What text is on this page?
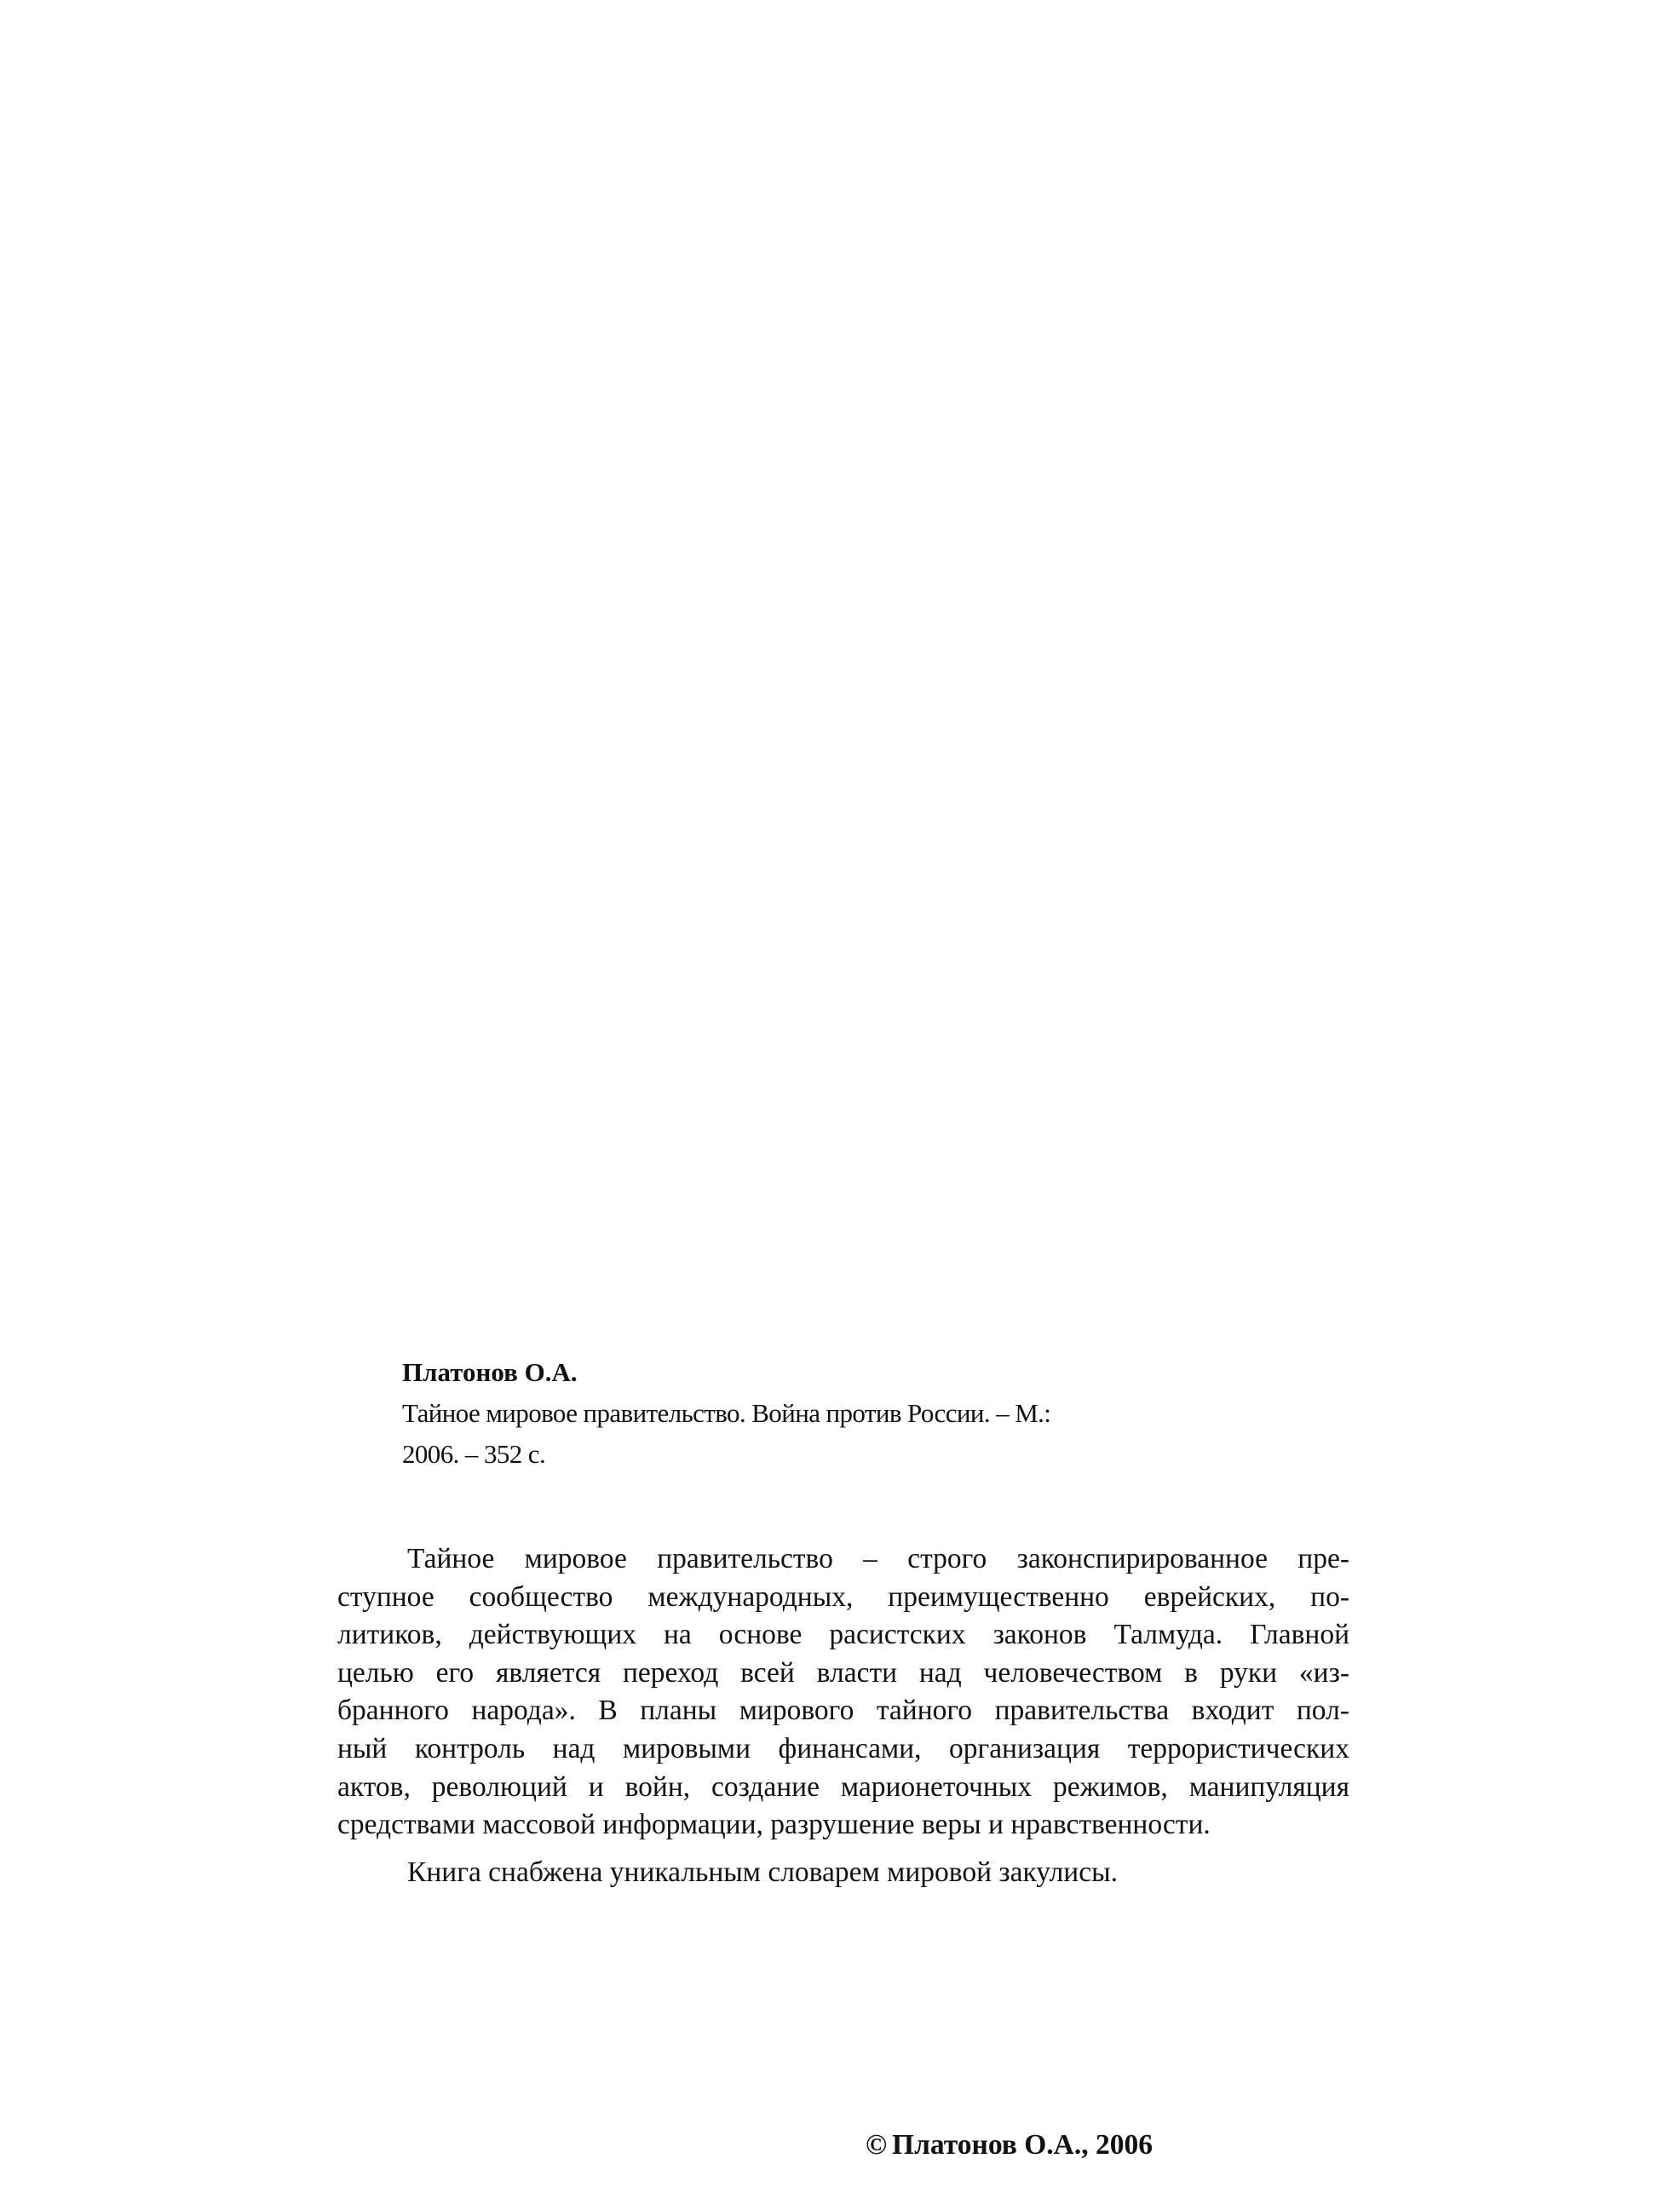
Платонов О.А.
Тайное мировое правительство. Война против России. – М.:
2006. – 352 с.
Тайное мировое правительство – строго законспирированное пре-
ступное сообщество международных, преимущественно еврейских, по-
литиков, действующих на основе расистских законов Талмуда. Главной
целью его является переход всей власти над человечеством в руки «из-
бранного народа». В планы мирового тайного правительства входит пол-
ный контроль над мировыми финансами, организация террористических
актов, революций и войн, создание марионеточных режимов, манипуляция
средствами массовой информации, разрушение веры и нравственности.
Книга снабжена уникальным словарем мировой закулисы.
© Платонов О.А., 2006
